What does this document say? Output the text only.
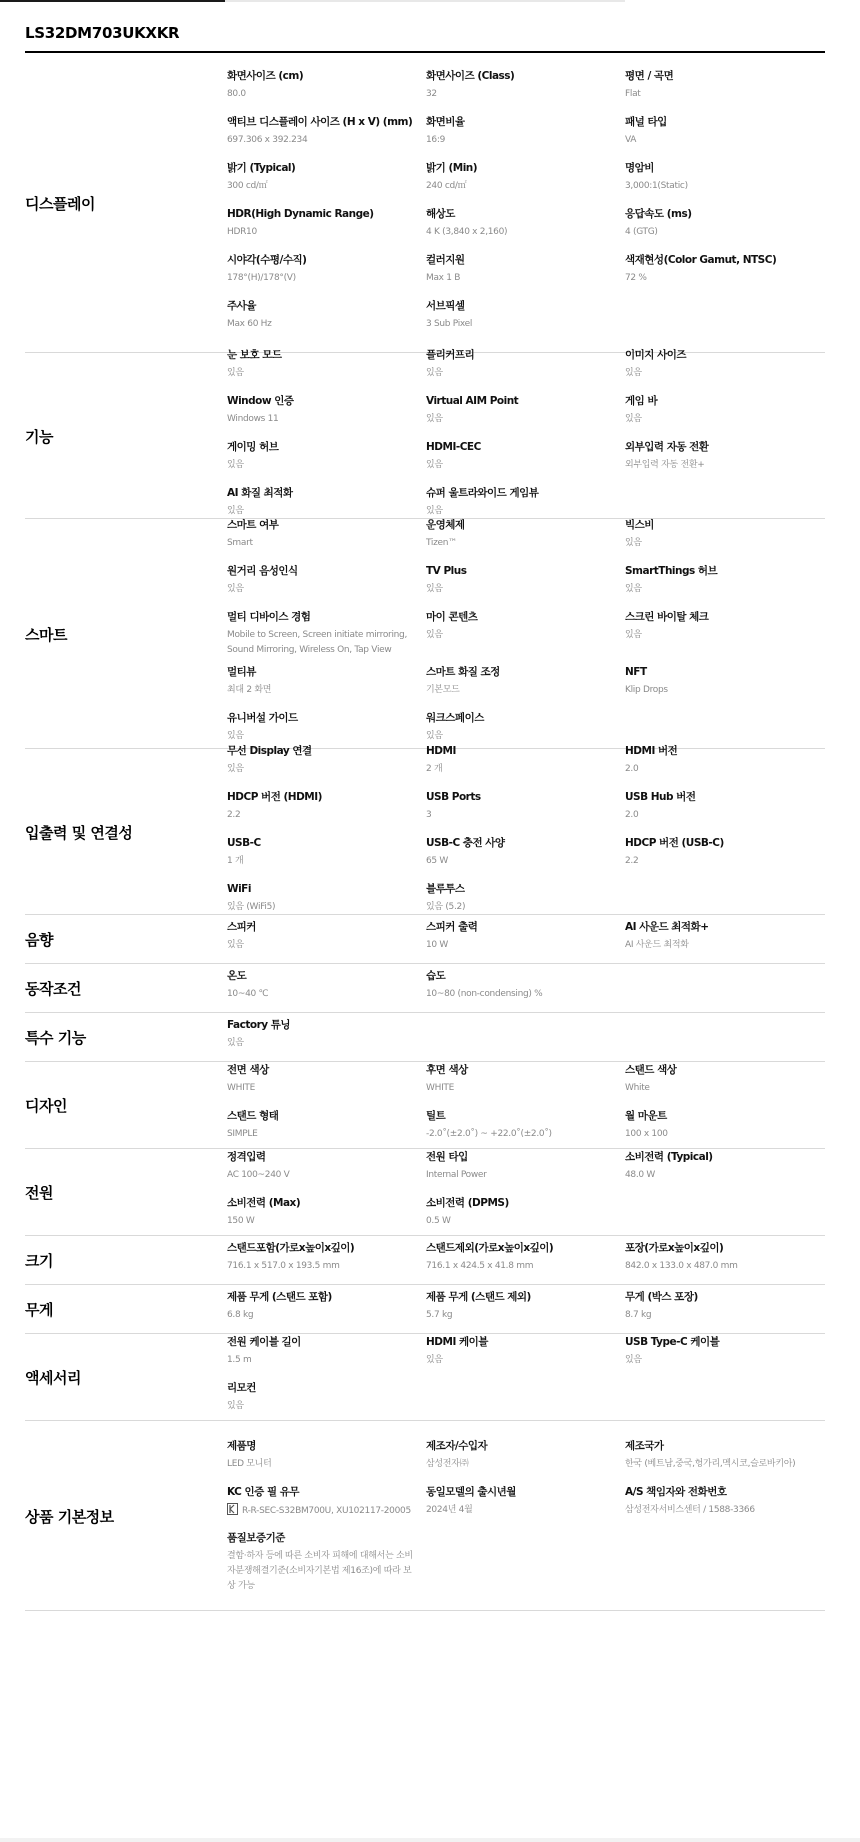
LS32DM703UKXKR
디스플레이
화면사이즈 (cm)
80.0
화면사이즈 (Class)
32
평면 / 곡면
Flat
액티브 디스플레이 사이즈 (H x V) (mm)
697.306 x 392.234
화면비율
16:9
패널 타입
VA
밝기 (Typical)
300 cd/㎡
밝기 (Min)
240 cd/㎡
명암비
3,000:1(Static)
HDR(High Dynamic Range)
HDR10
해상도
4 K (3,840 x 2,160)
응답속도 (ms)
4 (GTG)
시야각(수평/수직)
178°(H)/178°(V)
컬러지원
Max 1 B
색재현성(Color Gamut, NTSC)
72 %
주사율
Max 60 Hz
서브픽셀
3 Sub Pixel
기능
눈 보호 모드
있음
플리커프리
있음
이미지 사이즈
있음
Window 인증
Windows 11
Virtual AIM Point
있음
게임 바
있음
게이밍 허브
있음
HDMI-CEC
있음
외부입력 자동 전환
외부입력 자동 전환+
AI 화질 최적화
있음
슈퍼 울트라와이드 게임뷰
있음
스마트
스마트 여부
Smart
운영체제
Tizen™
빅스비
있음
원거리 음성인식
있음
TV Plus
있음
SmartThings 허브
있음
멀티 디바이스 경험
Mobile to Screen, Screen initiate mirroring, Sound Mirroring, Wireless On, Tap View
마이 콘텐츠
있음
스크린 바이탈 체크
있음
멀티뷰
최대 2 화면
스마트 화질 조정
기본모드
NFT
Klip Drops
유니버설 가이드
있음
워크스페이스
있음
입출력 및 연결성
무선 Display 연결
있음
HDMI
2 개
HDMI 버전
2.0
HDCP 버전 (HDMI)
2.2
USB Ports
3
USB Hub 버전
2.0
USB-C
1 개
USB-C 충전 사양
65 W
HDCP 버전 (USB-C)
2.2
WiFi
있음 (WiFi5)
블루투스
있음 (5.2)
음향
스피커
있음
스피커 출력
10 W
AI 사운드 최적화+
AI 사운드 최적화
동작조건
온도
10~40 ℃
습도
10~80 (non-condensing) %
특수 기능
Factory 튜닝
있음
디자인
전면 색상
WHITE
후면 색상
WHITE
스탠드 색상
White
스탠드 형태
SIMPLE
틸트
-2.0˚(±2.0˚) ~ +22.0˚(±2.0˚)
월 마운트
100 x 100
전원
정격입력
AC 100~240 V
전원 타입
Internal Power
소비전력 (Typical)
48.0 W
소비전력 (Max)
150 W
소비전력 (DPMS)
0.5 W
크기
스탠드포함(가로x높이x깊이)
716.1 x 517.0 x 193.5 mm
스탠드제외(가로x높이x깊이)
716.1 x 424.5 x 41.8 mm
포장(가로x높이x깊이)
842.0 x 133.0 x 487.0 mm
무게
제품 무게 (스탠드 포함)
6.8 kg
제품 무게 (스탠드 제외)
5.7 kg
무게 (박스 포장)
8.7 kg
액세서리
전원 케이블 길이
1.5 m
HDMI 케이블
있음
USB Type-C 케이블
있음
리모컨
있음
상품 기본정보
제품명
LED 모니터
제조자/수입자
삼성전자㈜
제조국가
한국 (베트남,중국,헝가리,멕시코,슬로바키아)
KC 인증 필 유무
R-R-SEC-S32BM700U, XU102117-20005
동일모델의 출시년월
2024년 4월
A/S 책임자와 전화번호
삼성전자서비스센터 / 1588-3366
품질보증기준
결함·하자 등에 따른 소비자 피해에 대해서는 소비자분쟁해결기준(소비자기본법 제16조)에 따라 보상 가능
